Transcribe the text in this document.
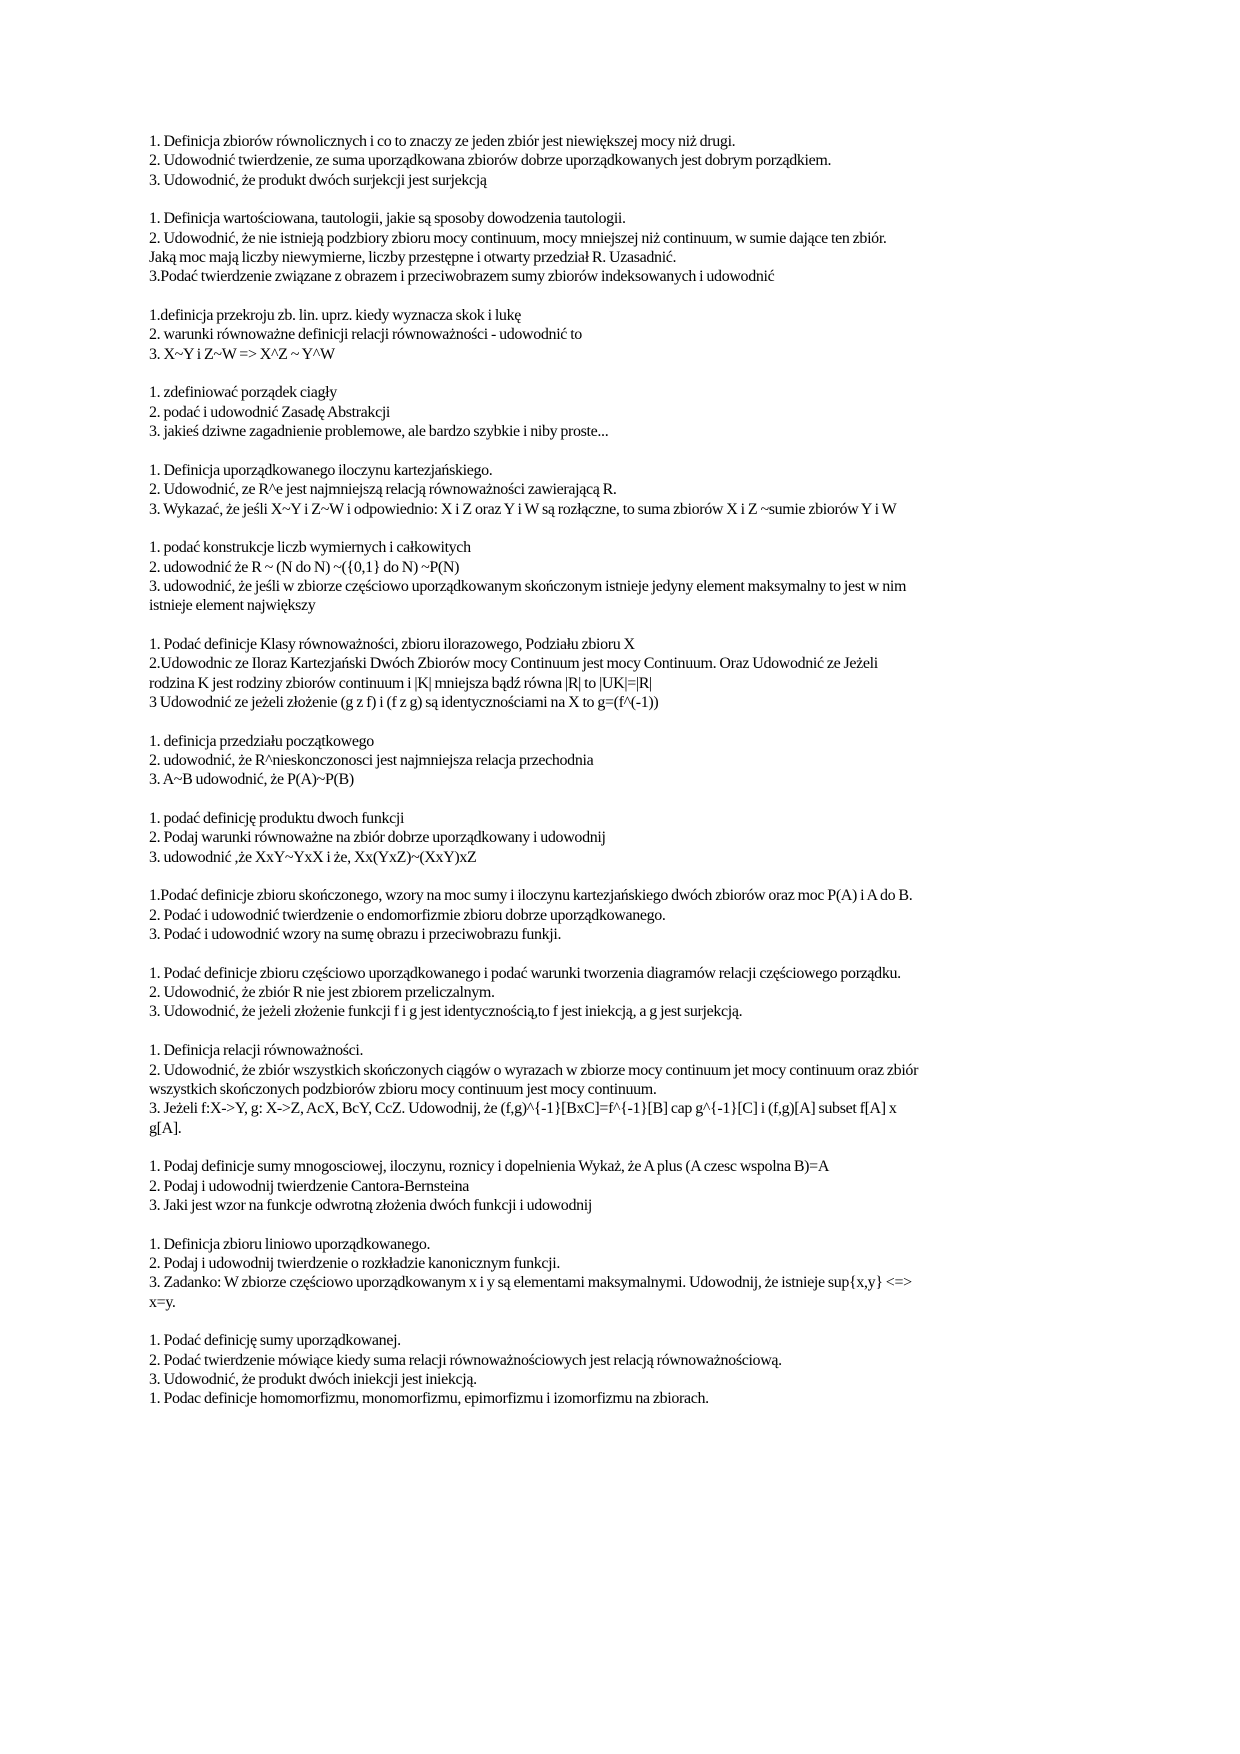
1. Definicja zbiorów równolicznych i co to znaczy ze jeden zbiór jest niewiększej mocy niż drugi.
2. Udowodnić twierdzenie, ze suma uporządkowana zbiorów dobrze uporządkowanych jest dobrym porządkiem.
3. Udowodnić, że produkt dwóch surjekcji jest surjekcją
1. Definicja wartościowana, tautologii, jakie są sposoby dowodzenia tautologii.
2. Udowodnić, że nie istnieją podzbiory zbioru mocy continuum, mocy mniejszej niż continuum, w sumie dające ten zbiór.
Jaką moc mają liczby niewymierne, liczby przestępne i otwarty przedział R. Uzasadnić.
3.Podać twierdzenie związane z obrazem i przeciwobrazem sumy zbiorów indeksowanych i udowodnić
1.definicja przekroju zb. lin. uprz. kiedy wyznacza skok i lukę
2. warunki równoważne definicji relacji równoważności - udowodnić to
3. X~Y i Z~W => X^Z ~ Y^W
1. zdefiniować porządek ciagły
2. podać i udowodnić Zasadę Abstrakcji
3. jakieś dziwne zagadnienie problemowe, ale bardzo szybkie i niby proste...
1. Definicja uporządkowanego iloczynu kartezjańskiego.
2. Udowodnić, ze R^e jest najmniejszą relacją równoważności zawierającą R.
3. Wykazać, że jeśli X~Y i Z~W i odpowiednio: X i Z oraz Y i W są rozłączne, to suma zbiorów X i Z ~sumie zbiorów Y i W
1. podać konstrukcje liczb wymiernych i całkowitych
2. udowodnić że R ~ (N do N) ~({0,1} do N) ~P(N)
3. udowodnić, że jeśli w zbiorze częściowo uporządkowanym skończonym istnieje jedyny element maksymalny to jest w nim
istnieje element największy
1. Podać definicje Klasy równoważności, zbioru ilorazowego, Podziału zbioru X
2.Udowodnic ze Iloraz Kartezjański Dwóch Zbiorów mocy Continuum jest mocy Continuum. Oraz Udowodnić ze Jeżeli
rodzina K jest rodziny zbiorów continuum i |K| mniejsza bądź równa |R| to |UK|=|R|
3 Udowodnić ze jeżeli złożenie (g z f) i (f z g) są identycznościami na X to g=(f^(-1))
1. definicja przedziału początkowego
2. udowodnić, że R^nieskonczonosci jest najmniejsza relacja przechodnia
3. A~B udowodnić, że P(A)~P(B)
1. podać definicję produktu dwoch funkcji
2. Podaj warunki równoważne na zbiór dobrze uporządkowany i udowodnij
3. udowodnić ,że XxY~YxX i że, Xx(YxZ)~(XxY)xZ
1.Podać definicje zbioru skończonego, wzory na moc sumy i iloczynu kartezjańskiego dwóch zbiorów oraz moc P(A) i A do B.
2. Podać i udowodnić twierdzenie o endomorfizmie zbioru dobrze uporządkowanego.
3. Podać i udowodnić wzory na sumę obrazu i przeciwobrazu funkji.
1. Podać definicje zbioru częściowo uporządkowanego i podać warunki tworzenia diagramów relacji częściowego porządku.
2. Udowodnić, że zbiór R nie jest zbiorem przeliczalnym.
3. Udowodnić, że jeżeli złożenie funkcji f i g jest identycznością,to f jest iniekcją, a g jest surjekcją.
1. Definicja relacji równoważności.
2. Udowodnić, że zbiór wszystkich skończonych ciągów o wyrazach w zbiorze mocy continuum jet mocy continuum oraz zbiór
wszystkich skończonych podzbiorów zbioru mocy continuum jest mocy continuum.
3. Jeżeli f:X->Y, g: X->Z, AcX, BcY, CcZ. Udowodnij, że (f,g)^{-1}[BxC]=f^{-1}[B] cap g^{-1}[C] i (f,g)[A] subset f[A] x
g[A].
1. Podaj definicje sumy mnogosciowej, iloczynu, roznicy i dopelnienia Wykaż, że A plus (A czesc wspolna B)=A
2. Podaj i udowodnij twierdzenie Cantora-Bernsteina
3. Jaki jest wzor na funkcje odwrotną złożenia dwóch funkcji i udowodnij
1. Definicja zbioru liniowo uporządkowanego.
2. Podaj i udowodnij twierdzenie o rozkładzie kanonicznym funkcji.
3. Zadanko: W zbiorze częściowo uporządkowanym x i y są elementami maksymalnymi. Udowodnij, że istnieje sup{x,y} <=>
x=y.
1. Podać definicję sumy uporządkowanej.
2. Podać twierdzenie mówiące kiedy suma relacji równoważnościowych jest relacją równoważnościową.
3. Udowodnić, że produkt dwóch iniekcji jest iniekcją.
1. Podac definicje homomorfizmu, monomorfizmu, epimorfizmu i izomorfizmu na zbiorach.
